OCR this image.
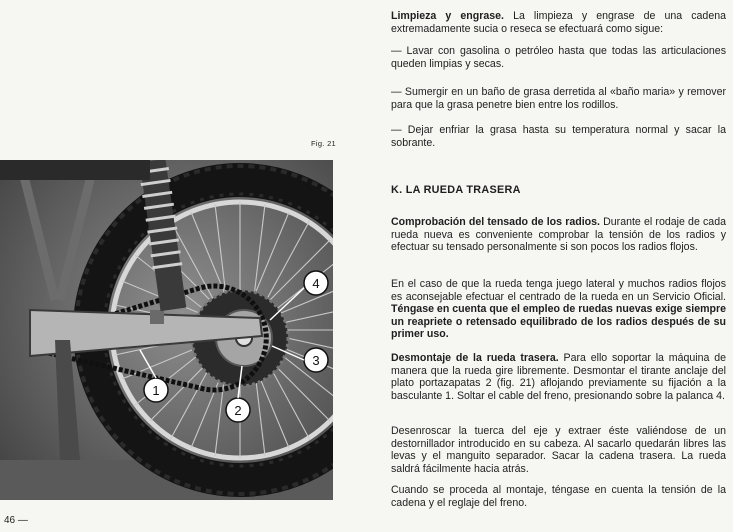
1
2
3
4
Fig. 21
46 —

Limpieza y engrase. La limpieza y engrase de una cadena extremadamente sucia o reseca se efectuará como sigue:

— Lavar con gasolina o petróleo hasta que todas las articulaciones queden limpias y secas.
— Sumergir en un baño de grasa derretida al «baño maria» y remover para que la grasa penetre bien entre los rodillos.
— Dejar enfriar la grasa hasta su temperatura normal y sacar la sobrante.
K. LA RUEDA TRASERA

Comprobación del tensado de los radios. Durante el rodaje de cada rueda nueva es conveniente comprobar la tensión de los radios y efectuar su tensado personalmente si son pocos los radios flojos.

En el caso de que la rueda tenga juego lateral y muchos radios flojos es aconsejable efectuar el centrado de la rueda en un Servicio Oficial. Téngase en cuenta que el empleo de ruedas nuevas exige siempre un reapriete o retensado equilibrado de los radios después de su primer uso.

Desmontaje de la rueda trasera. Para ello soportar la máquina de manera que la rueda gire libremente. Desmontar el tirante anclaje del plato portazapatas 2 (fig. 21) aflojando previamente su fijación a la basculante 1. Soltar el cable del freno, presionando sobre la palanca 4.

Desenroscar la tuerca del eje y extraer éste valiéndose de un destornillador introducido en su cabeza. Al sacarlo quedarán libres las levas y el manguito separador. Sacar la cadena trasera. La rueda saldrá fácilmente hacia atrás.
Cuando se proceda al montaje, téngase en cuenta la tensión de la cadena y el reglaje del freno.
